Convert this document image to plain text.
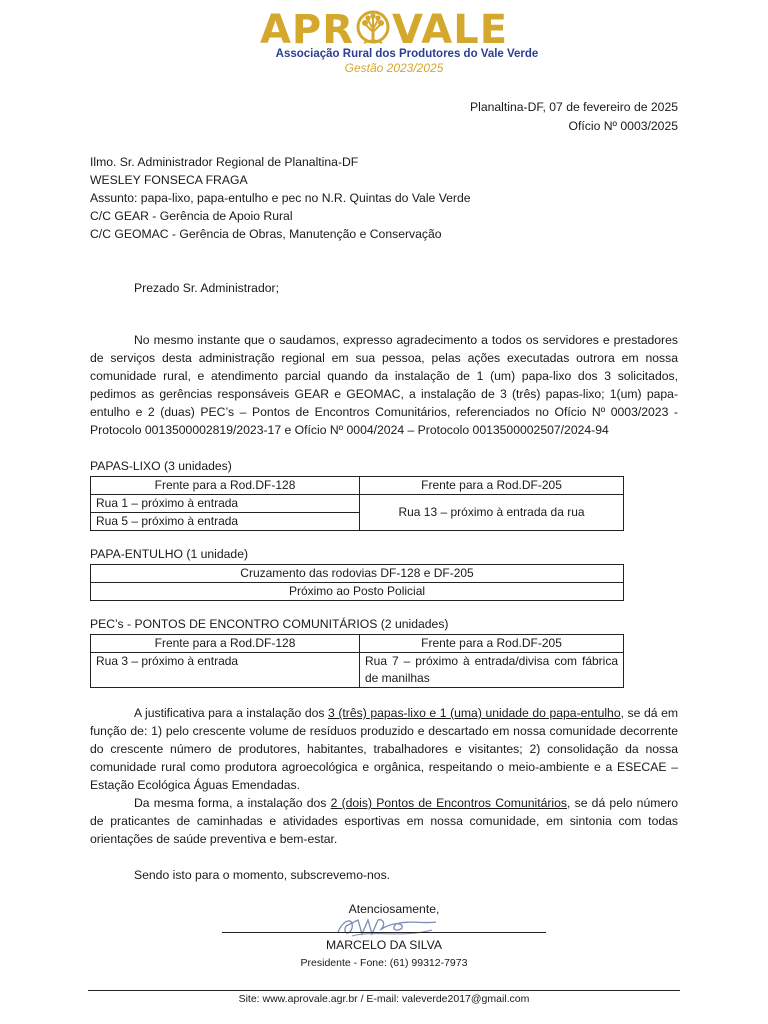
APR VALE
Associação Rural dos Produtores do Vale Verde
Gestão 2023/2025
Planaltina-DF, 07 de fevereiro de 2025
Ofício Nº 0003/2025
Ilmo. Sr. Administrador Regional de Planaltina-DF
WESLEY FONSECA FRAGA
Assunto: papa-lixo, papa-entulho e pec no N.R. Quintas do Vale Verde
C/C GEAR - Gerência de Apoio Rural
C/C GEOMAC - Gerência de Obras, Manutenção e Conservação
Prezado Sr. Administrador;
No mesmo instante que o saudamos, expresso agradecimento a todos os servidores e prestadores de serviços desta administração regional em sua pessoa, pelas ações executadas outrora em nossa comunidade rural, e atendimento parcial quando da instalação de 1 (um) papa-lixo dos 3 solicitados, pedimos as gerências responsáveis GEAR e GEOMAC, a instalação de 3 (três) papas-lixo; 1(um) papa-entulho e 2 (duas) PEC’s – Pontos de Encontros Comunitários, referenciados no Ofício Nº 0003/2023 - Protocolo 0013500002819/2023-17 e Ofício Nº 0004/2024 – Protocolo 0013500002507/2024-94
PAPAS-LIXO (3 unidades)
Frente para a Rod.DF-128	Frente para a Rod.DF-205
Rua 1 – próximo à entrada	Rua 13 – próximo à entrada da rua
Rua 5 – próximo à entrada	
PAPA-ENTULHO (1 unidade)
Cruzamento das rodovias DF-128 e DF-205
Próximo ao Posto Policial
PEC’s - PONTOS DE ENCONTRO COMUNITÁRIOS (2 unidades)
Frente para a Rod.DF-128	Frente para a Rod.DF-205
Rua 3 – próximo à entrada	Rua 7 – próximo à entrada/divisa com fábrica de manilhas
A justificativa para a instalação dos 3 (três) papas-lixo e 1 (uma) unidade do papa-entulho, se dá em função de: 1) pelo crescente volume de resíduos produzido e descartado em nossa comunidade decorrente do crescente número de produtores, habitantes, trabalhadores e visitantes; 2) consolidação da nossa comunidade rural como produtora agroecológica e orgânica, respeitando o meio-ambiente e a ESECAE – Estação Ecológica Águas Emendadas.
Da mesma forma, a instalação dos 2 (dois) Pontos de Encontros Comunitários, se dá pelo número de praticantes de caminhadas e atividades esportivas em nossa comunidade, em sintonia com todas orientações de saúde preventiva e bem-estar.
Sendo isto para o momento, subscrevemo-nos.
Atenciosamente,
MARCELO DA SILVA
Presidente - Fone: (61) 99312-7973
Site: www.aprovale.agr.br / E-mail: valeverde2017@gmail.com
